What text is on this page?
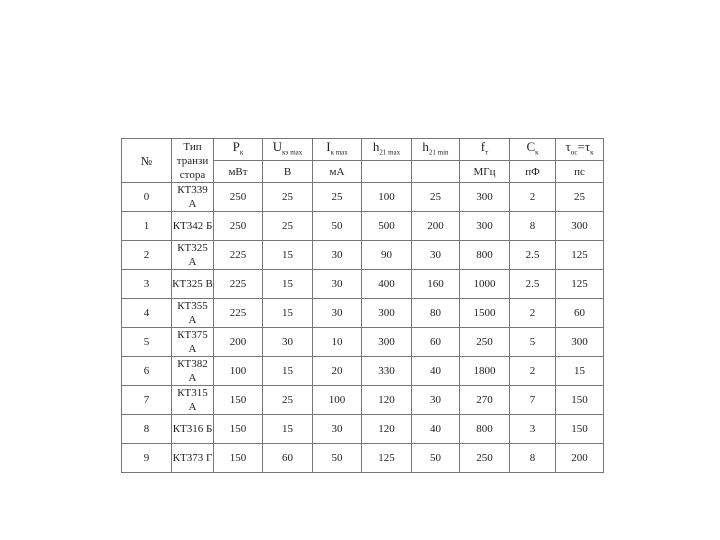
№	Тип транзи стора	$P_к$	$U_{кэ max}$	$I_{к max}$	$h_{21 max}$	$h_{21 min}$	$f_т$	$C_к$	$\tau_{ос}=\tau_к$
		мВт	В	мА			МГц	пФ	пс
0	КТ339 А	250	25	25	100	25	300	2	25
1	КТ342 Б	250	25	50	500	200	300	8	300
2	КТ325 А	225	15	30	90	30	800	2.5	125
3	КТ325 В	225	15	30	400	160	1000	2.5	125
4	КТ355 А	225	15	30	300	80	1500	2	60
5	КТ375 А	200	30	10	300	60	250	5	300
6	КТ382 А	100	15	20	330	40	1800	2	15
7	КТ315 А	150	25	100	120	30	270	7	150
8	КТ316 Б	150	15	30	120	40	800	3	150
9	КТ373 Г	150	60	50	125	50	250	8	200
